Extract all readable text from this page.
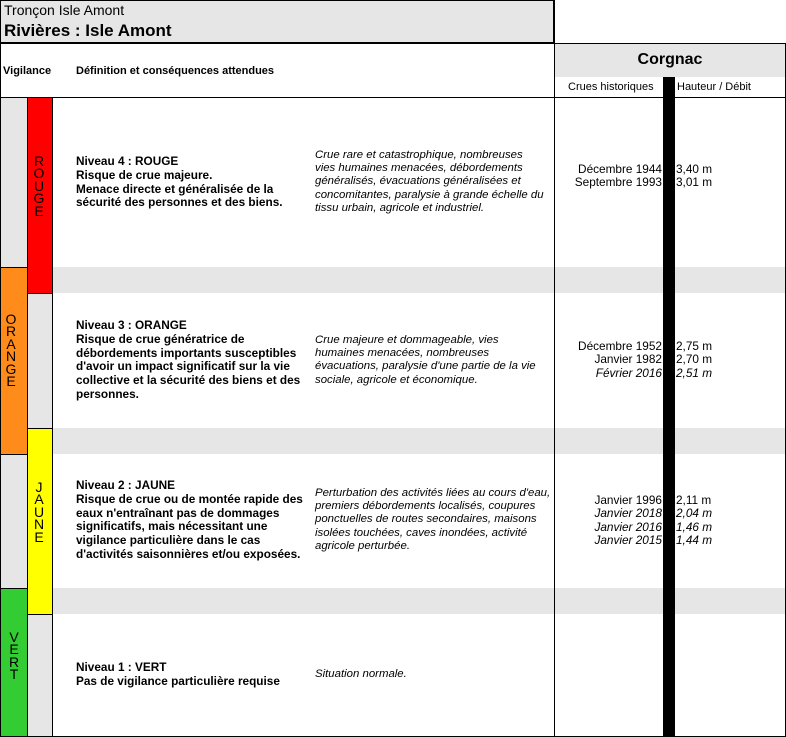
Tronçon Isle Amont
Rivières : Isle Amont
Corgnac
Vigilance Définition et conséquences attendues
Crues historiques Hauteur / Débit
R
O
U
G
E
O
R
A
N
G
E
J
A
U
N
E
V
E
R
T
Niveau 4 : ROUGE
Risque de crue majeure.
Menace directe et généralisée de la sécurité des personnes et des biens.
Crue rare et catastrophique, nombreuses vies humaines menacées, débordements généralisés, évacuations généralisées et concomitantes, paralysie à grande échelle du tissu urbain, agricole et industriel.
Niveau 3 : ORANGE
Risque de crue génératrice de débordements importants susceptibles d'avoir un impact significatif sur la vie collective et la sécurité des biens et des personnes.
Crue majeure et dommageable, vies humaines menacées, nombreuses évacuations, paralysie d'une partie de la vie sociale, agricole et économique.
Niveau 2 : JAUNE
Risque de crue ou de montée rapide des eaux n'entraînant pas de dommages significatifs, mais nécessitant une vigilance particulière dans le cas d'activités saisonnières et/ou exposées.
Perturbation des activités liées au cours d'eau, premiers débordements localisés, coupures ponctuelles de routes secondaires, maisons isolées touchées, caves inondées, activité agricole perturbée.
Niveau 1 : VERT
Pas de vigilance particulière requise	Situation normale.
Décembre 1944 3,40 m
Septembre 1993 3,01 m
Décembre 1952 2,75 m
Janvier 1982 2,70 m
Février 2016 2,51 m
Janvier 1996 2,11 m
Janvier 2018 2,04 m
Janvier 2016 1,46 m
Janvier 2015 1,44 m
